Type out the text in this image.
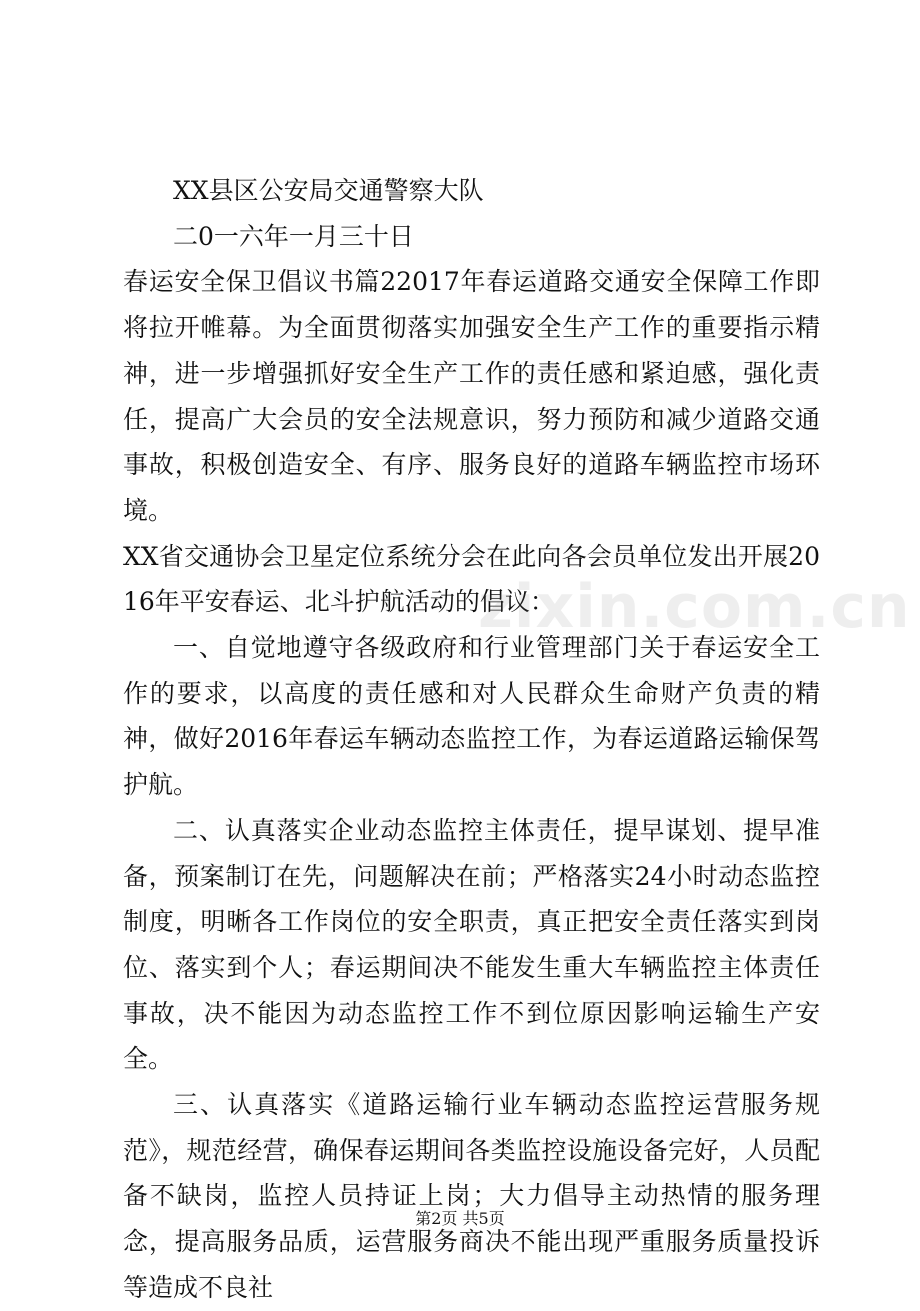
XX县区公安局交通警察大队

二0一六年一月三十日

春运安全保卫倡议书篇22017年春运道路交通安全保障工作即将拉开帷幕。为全面贯彻落实加强安全生产工作的重要指示精神，进一步增强抓好安全生产工作的责任感和紧迫感，强化责任，提高广大会员的安全法规意识，努力预防和减少道路交通事故，积极创造安全、有序、服务良好的道路车辆监控市场环境。

XX省交通协会卫星定位系统分会在此向各会员单位发出开展2016年平安春运、北斗护航活动的倡议：

一、自觉地遵守各级政府和行业管理部门关于春运安全工作的要求，以高度的责任感和对人民群众生命财产负责的精神，做好2016年春运车辆动态监控工作，为春运道路运输保驾护航。

二、认真落实企业动态监控主体责任，提早谋划、提早准备，预案制订在先，问题解决在前；严格落实24小时动态监控制度，明晰各工作岗位的安全职责，真正把安全责任落实到岗位、落实到个人；春运期间决不能发生重大车辆监控主体责任事故，决不能因为动态监控工作不到位原因影响运输生产安全。

三、认真落实《道路运输行业车辆动态监控运营服务规范》，规范经营，确保春运期间各类监控设施设备完好，人员配备不缺岗，监控人员持证上岗；大力倡导主动热情的服务理念，提高服务品质，运营服务商决不能出现严重服务质量投诉等造成不良社

zixin.com.cn
第2页 共5页
